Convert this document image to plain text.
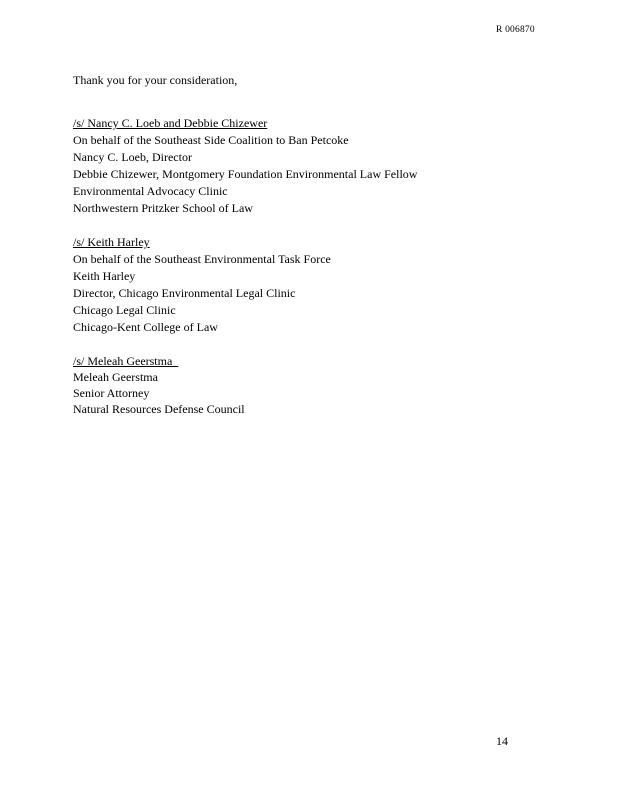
R 006870
Thank you for your consideration,
/s/ Nancy C. Loeb and Debbie Chizewer
On behalf of the Southeast Side Coalition to Ban Petcoke
Nancy C. Loeb, Director
Debbie Chizewer, Montgomery Foundation Environmental Law Fellow
Environmental Advocacy Clinic
Northwestern Pritzker School of Law
/s/ Keith Harley
On behalf of the Southeast Environmental Task Force
Keith Harley
Director, Chicago Environmental Legal Clinic
Chicago Legal Clinic
Chicago-Kent College of Law
/s/ Meleah Geerstma
Meleah Geerstma
Senior Attorney
Natural Resources Defense Council
14
